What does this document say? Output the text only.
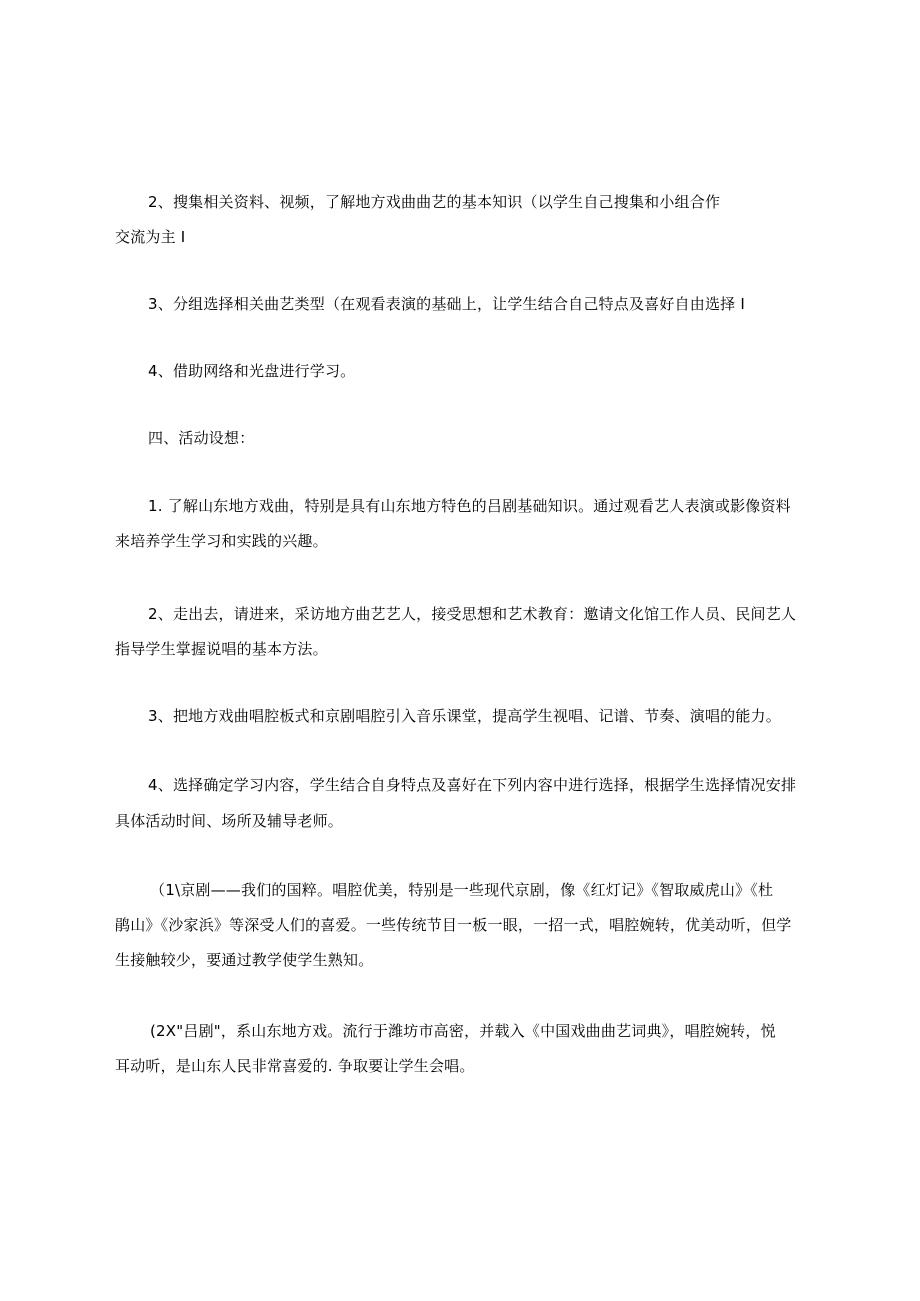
2、搜集相关资料、视频，了解地方戏曲曲艺的基本知识（以学生自己搜集和小组合作
交流为主 I
3、分组选择相关曲艺类型（在观看表演的基础上，让学生结合自己特点及喜好自由选择 I
4、借助网络和光盘进行学习。
四、活动设想：
1. 了解山东地方戏曲，特别是具有山东地方特色的吕剧基础知识。通过观看艺人表演或影像资料
来培养学生学习和实践的兴趣。
2、走出去，请进来，采访地方曲艺艺人，接受思想和艺术教育：邀请文化馆工作人员、民间艺人
指导学生掌握说唱的基本方法。
3、把地方戏曲唱腔板式和京剧唱腔引入音乐课堂，提高学生视唱、记谱、节奏、演唱的能力。
4、选择确定学习内容，学生结合自身特点及喜好在下列内容中进行选择，根据学生选择情况安排
具体活动时间、场所及辅导老师。
（1\京剧——我们的国粹。唱腔优美，特别是一些现代京剧，像《红灯记》《智取威虎山》《杜
鹃山》《沙家浜》等深受人们的喜爱。一些传统节目一板一眼，一招一式，唱腔婉转，优美动听，但学
生接触较少，要通过教学使学生熟知。
(2X"吕剧"，系山东地方戏。流行于潍坊市高密，并载入《中国戏曲曲艺词典》，唱腔婉转，悦
耳动听，是山东人民非常喜爱的. 争取要让学生会唱。
